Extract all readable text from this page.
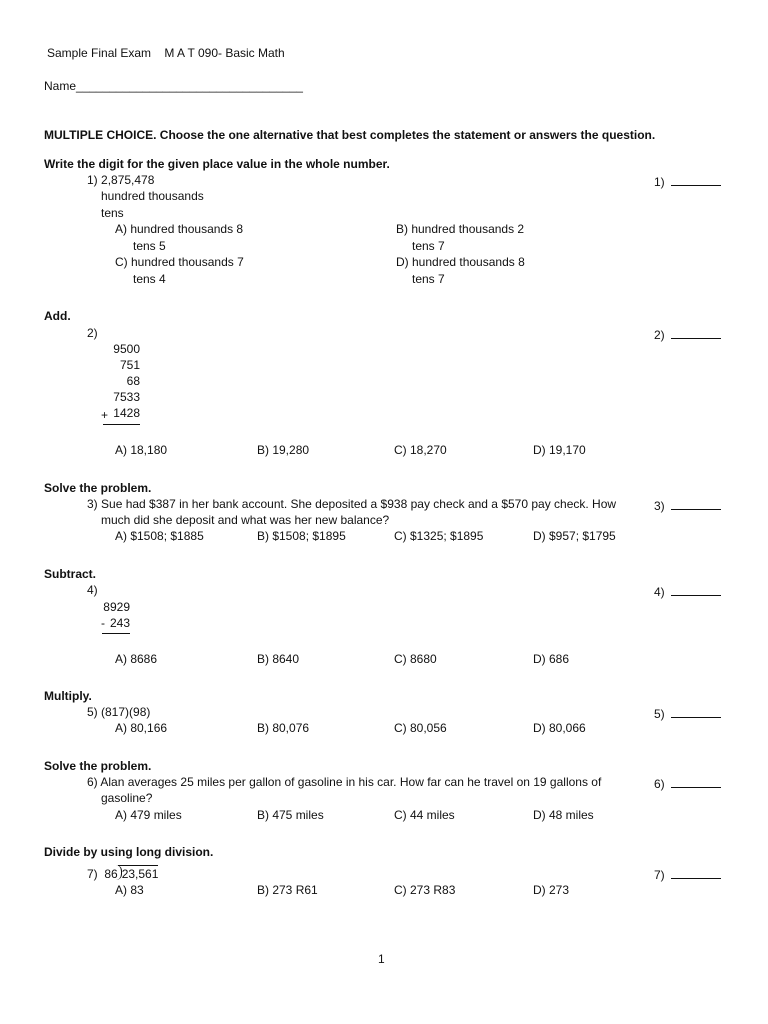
Sample Final Exam M A T 090- Basic Math
Name__________________________________
MULTIPLE CHOICE. Choose the one alternative that best completes the statement or answers the question.
Write the digit for the given place value in the whole number.
1) 2,875,478
hundred thousands
tens
A) hundred thousands 8
tens 5
B) hundred thousands 2
tens 7
C) hundred thousands 7
tens 4
D) hundred thousands 8
tens 7
1)
Add.
2)
9500
751
68
7533
+ 1428
A) 18,180	B) 19,280	C) 18,270	D) 19,170
2)
Solve the problem.
3) Sue had $387 in her bank account. She deposited a $938 pay check and a $570 pay check. How
much did she deposit and what was her new balance?
A) $1508; $1885	B) $1508; $1895	C) $1325; $1895	D) $957; $1795
3)
Subtract.
4)
8929
- 243
A) 8686	B) 8640	C) 8680	D) 686
4)
Multiply.
5) (817)(98)
A) 80,166	B) 80,076	C) 80,056	D) 80,066
5)
Solve the problem.
6) Alan averages 25 miles per gallon of gasoline in his car. How far can he travel on 19 gallons of
gasoline?
A) 479 miles	B) 475 miles	C) 44 miles	D) 48 miles
6)
Divide by using long division.
7) 86 23,561
A) 83	B) 273 R61	C) 273 R83	D) 273
7)
1
